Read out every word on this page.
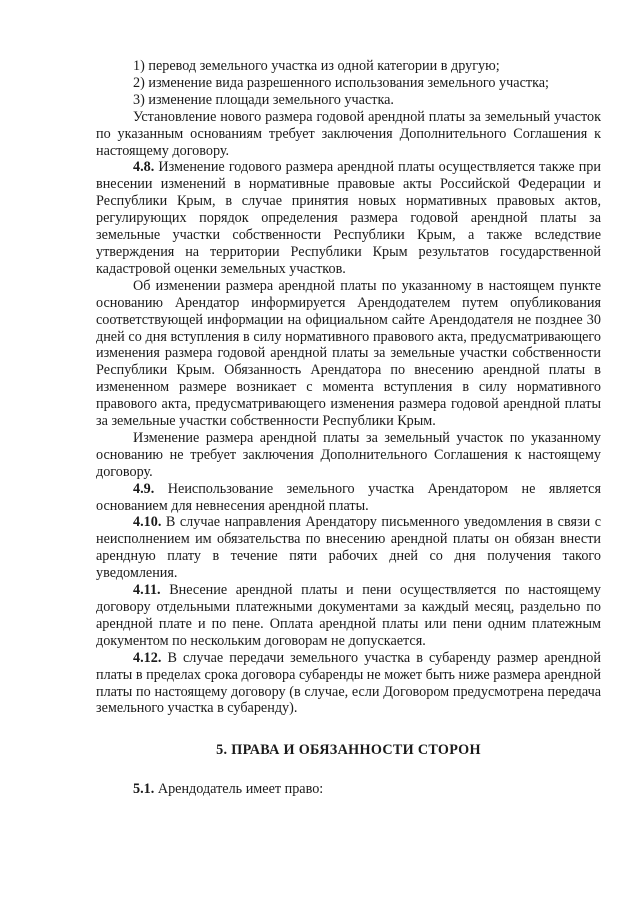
1) перевод земельного участка из одной категории в другую;

2) изменение вида разрешенного использования земельного участка;

3) изменение площади земельного участка.

Установление нового размера годовой арендной платы за земельный участок по указанным основаниям требует заключения Дополнительного Соглашения к настоящему договору.

4.8. Изменение годового размера арендной платы осуществляется также при внесении изменений в нормативные правовые акты Российской Федерации и Республики Крым, в случае принятия новых нормативных правовых актов, регулирующих порядок определения размера годовой арендной платы за земельные участки собственности Республики Крым, а также вследствие утверждения на территории Республики Крым результатов государственной кадастровой оценки земельных участков.

Об изменении размера арендной платы по указанному в настоящем пункте основанию Арендатор информируется Арендодателем путем опубликования соответствующей информации на официальном сайте Арендодателя не позднее 30 дней со дня вступления в силу нормативного правового акта, предусматривающего изменения размера годовой арендной платы за земельные участки собственности Республики Крым. Обязанность Арендатора по внесению арендной платы в измененном размере возникает с момента вступления в силу нормативного правового акта, предусматривающего изменения размера годовой арендной платы за земельные участки собственности Республики Крым.

Изменение размера арендной платы за земельный участок по указанному основанию не требует заключения Дополнительного Соглашения к настоящему договору.

4.9. Неиспользование земельного участка Арендатором не является основанием для невнесения арендной платы.

4.10. В случае направления Арендатору письменного уведомления в связи с неисполнением им обязательства по внесению арендной платы он обязан внести арендную плату в течение пяти рабочих дней со дня получения такого уведомления.

4.11. Внесение арендной платы и пени осуществляется по настоящему договору отдельными платежными документами за каждый месяц, раздельно по арендной плате и по пене. Оплата арендной платы или пени одним платежным документом по нескольким договорам не допускается.

4.12. В случае передачи земельного участка в субаренду размер арендной платы в пределах срока договора субаренды не может быть ниже размера арендной платы по настоящему договору (в случае, если Договором предусмотрена передача земельного участка в субаренду).

5. ПРАВА И ОБЯЗАННОСТИ СТОРОН

5.1. Арендодатель имеет право:
